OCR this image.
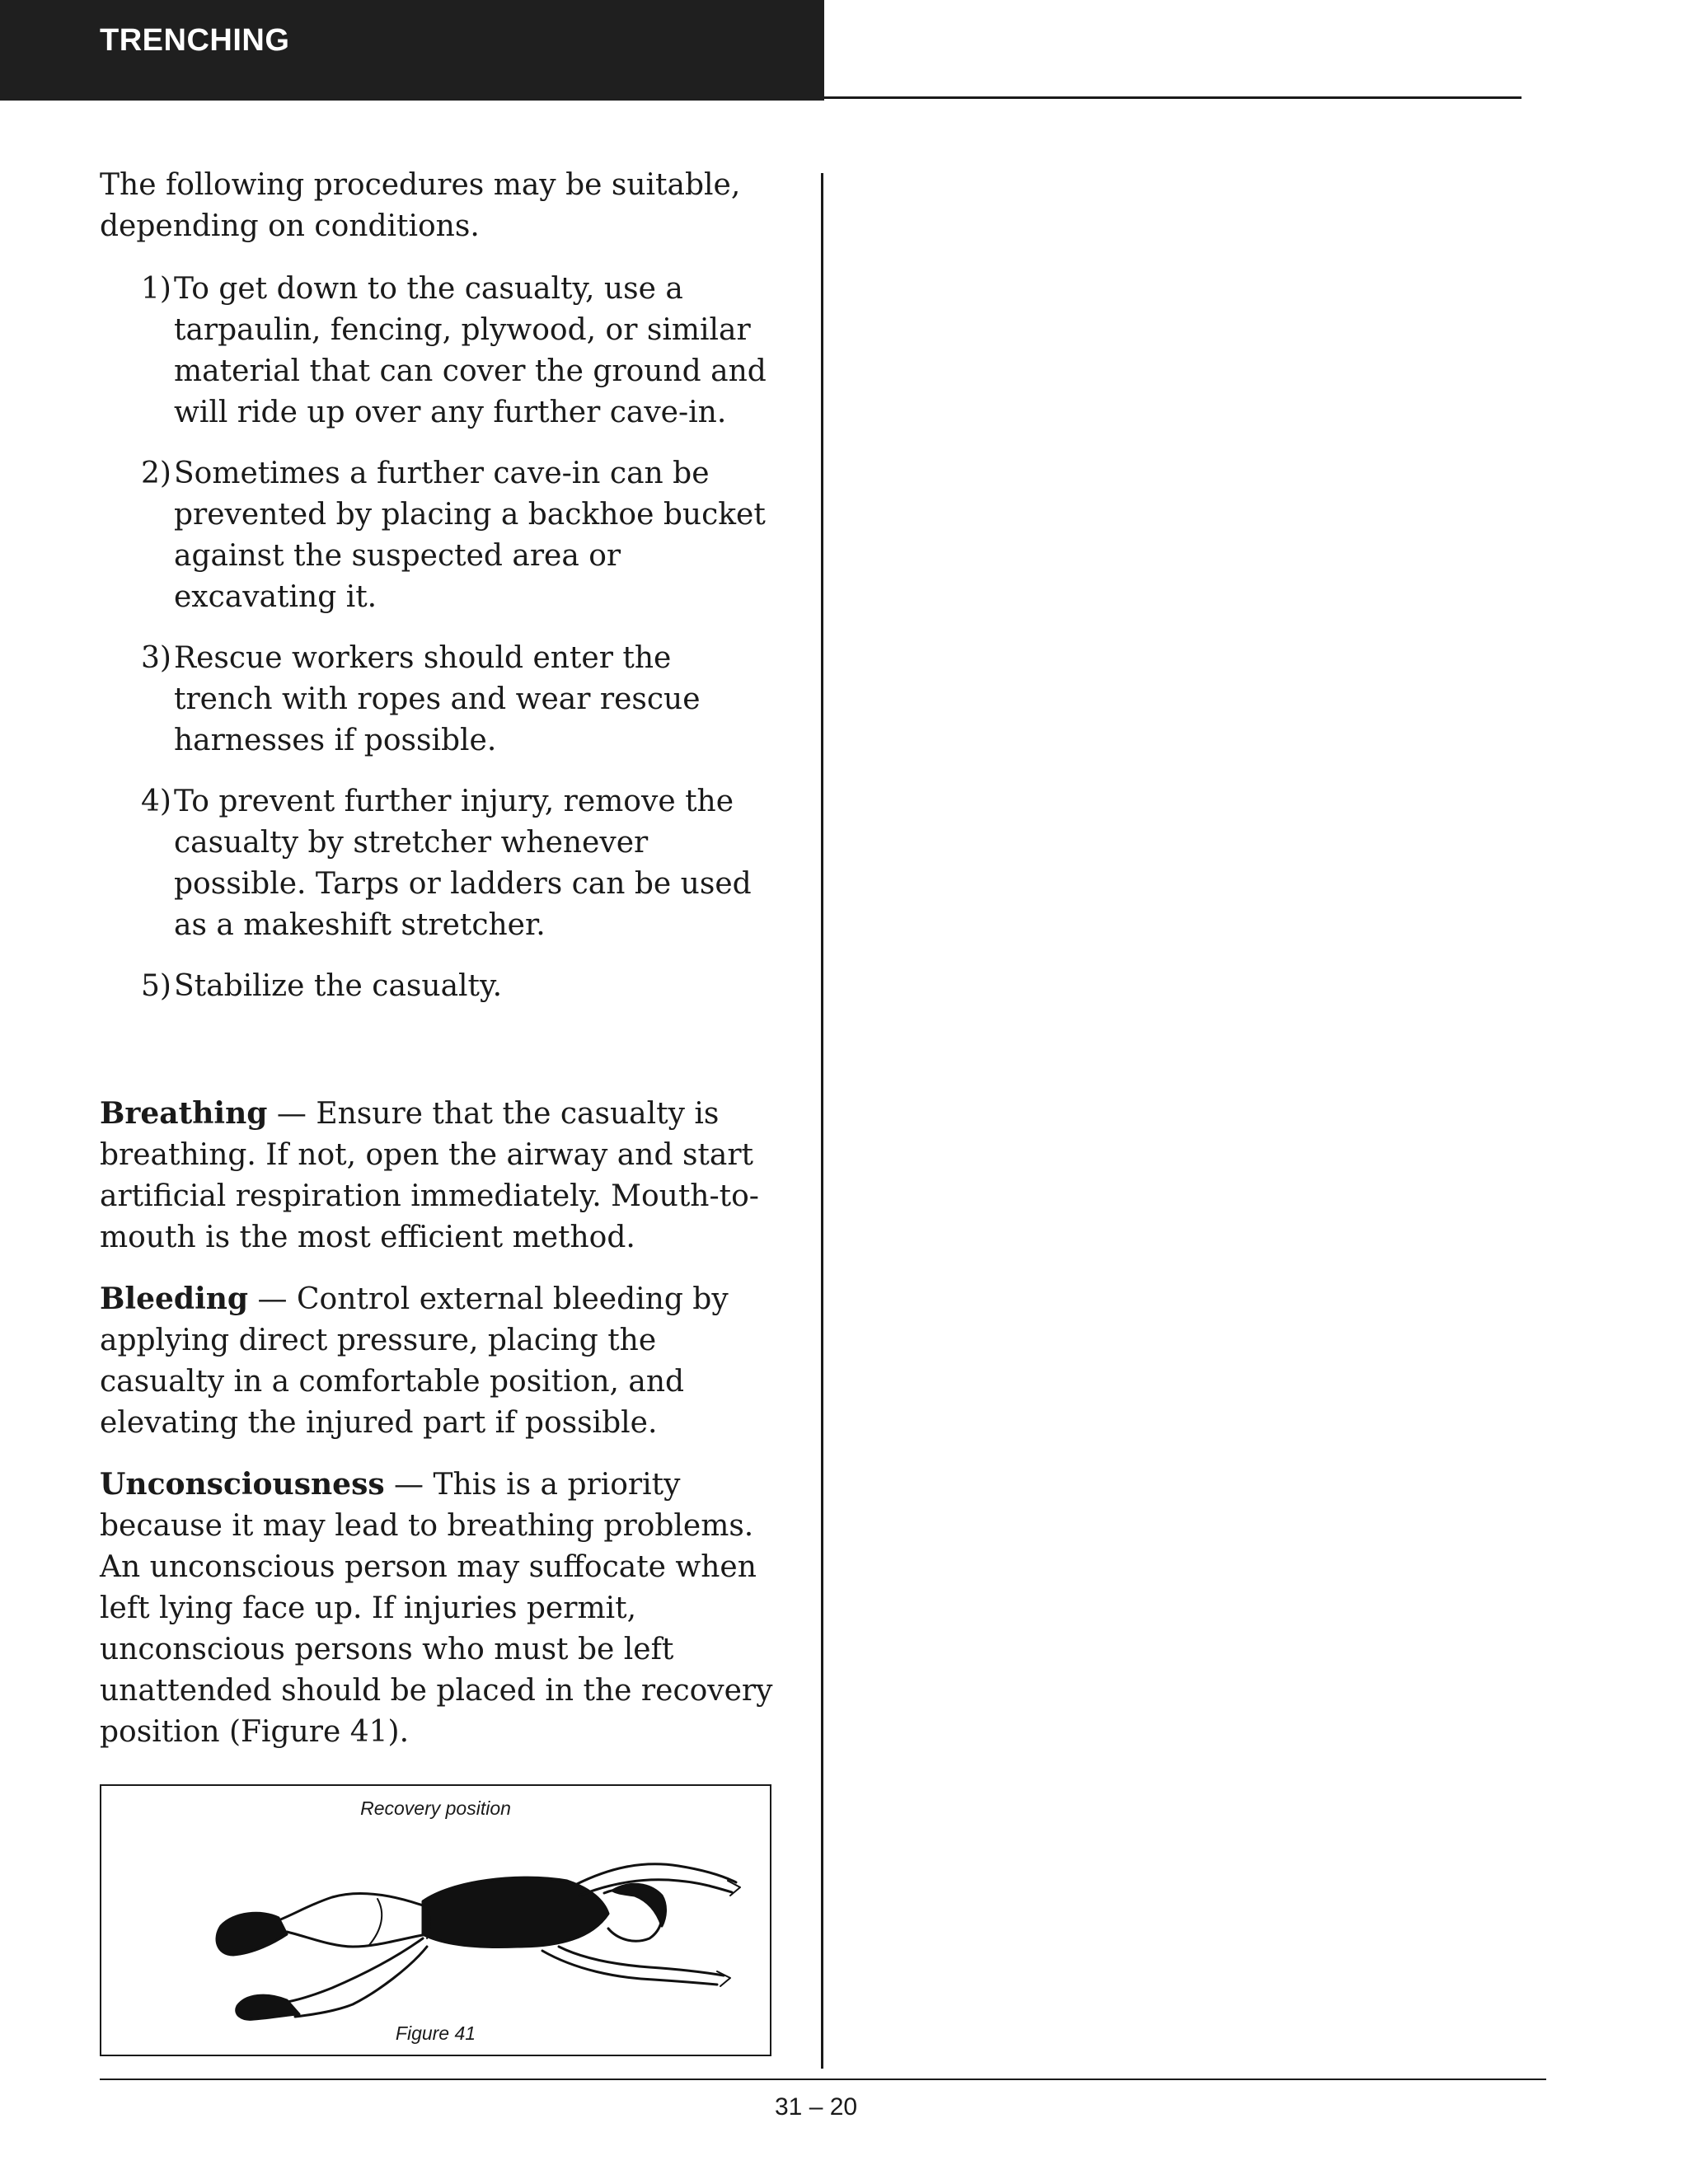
TRENCHING

The following procedures may be suitable, depending on conditions.

1) To get down to the casualty, use a tarpaulin, fencing, plywood, or similar material that can cover the ground and will ride up over any further cave-in.
2) Sometimes a further cave-in can be prevented by placing a backhoe bucket against the suspected area or excavating it.
3) Rescue workers should enter the trench with ropes and wear rescue harnesses if possible.
4) To prevent further injury, remove the casualty by stretcher whenever possible. Tarps or ladders can be used as a makeshift stretcher.
5) Stabilize the casualty.

Breathing — Ensure that the casualty is breathing. If not, open the airway and start artificial respiration immediately. Mouth-to-mouth is the most efficient method.

Bleeding — Control external bleeding by applying direct pressure, placing the casualty in a comfortable position, and elevating the injured part if possible.

Unconsciousness — This is a priority because it may lead to breathing problems. An unconscious person may suffocate when left lying face up. If injuries permit, unconscious persons who must be left unattended should be placed in the recovery position (Figure 41).

Recovery position
Figure 41
31 – 20
